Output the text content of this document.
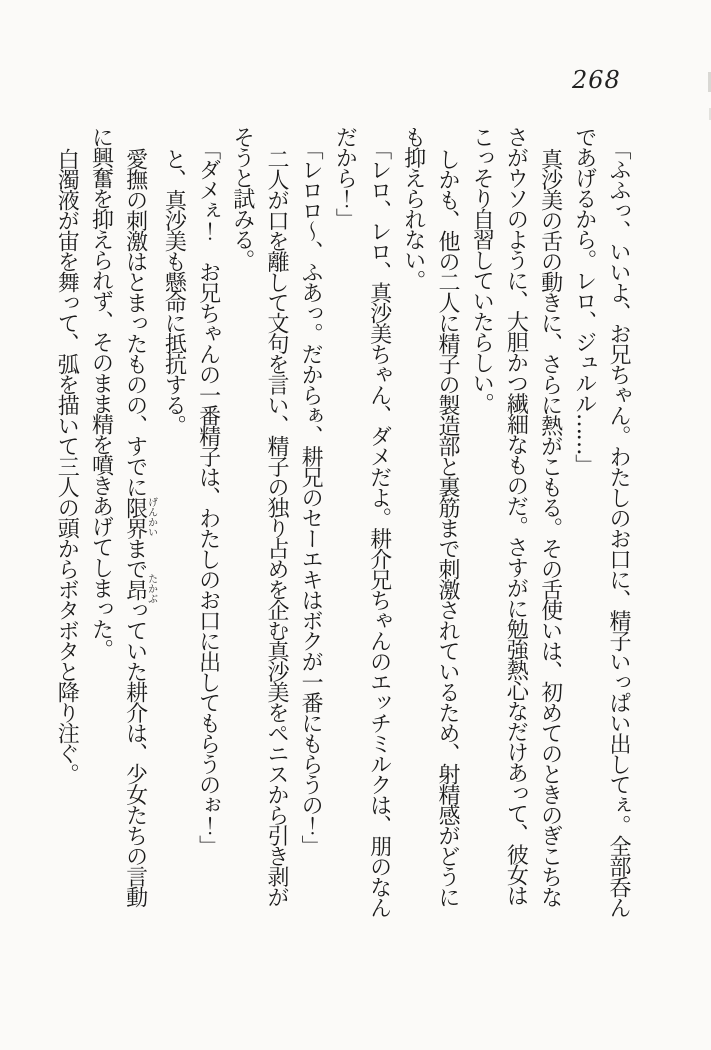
268
「ふふっ、いいよ、お兄ちゃん。わたしのお口に、精子いっぱい出してぇ。全部呑ん
であげるから。レロ、ジュルル……」
真沙美の舌の動きに、さらに熱がこもる。その舌使いは、初めてのときのぎこちな
さがウソのように、大胆かつ繊細なものだ。さすがに勉強熱心なだけあって、彼女は
こっそり自習していたらしい。
しかも、他の二人に精子の製造部と裏筋まで刺激されているため、射精感がどうに
も抑えられない。
「レロ、レロ、真沙美ちゃん、ダメだよ。耕介兄ちゃんのエッチミルクは、朋のなん
だから！」
「レロロ〜、ふあっ。だからぁ、耕兄のセーエキはボクが一番にもらうの！」
二人が口を離して文句を言い、精子の独り占めを企む真沙美をペニスから引き剥が
そうと試みる。
「ダメぇ！　お兄ちゃんの一番精子は、わたしのお口に出してもらうのぉ！」
と、真沙美も懸命に抵抗する。
愛撫の刺激はとまったものの、すでに限界げんかいまで昂たかぶっていた耕介は、少女たちの言動
に興奮を抑えられず、そのまま精を噴きあげてしまった。
白濁液が宙を舞って、弧を描いて三人の頭からボタボタと降り注ぐ。
